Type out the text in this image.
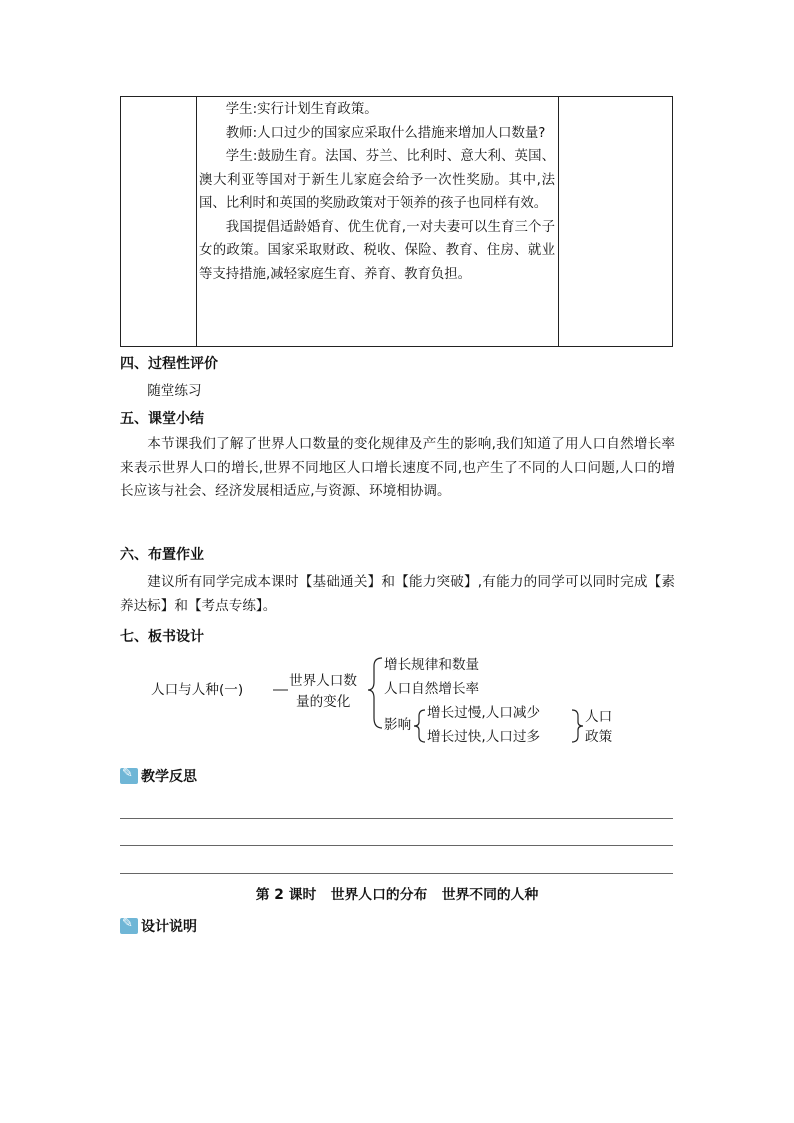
学生:实行计划生育政策。

教师:人口过少的国家应采取什么措施来增加人口数量?

学生:鼓励生育。法国、芬兰、比利时、意大利、英国、澳大利亚等国对于新生儿家庭会给予一次性奖励。其中,法国、比利时和英国的奖励政策对于领养的孩子也同样有效。

我国提倡适龄婚育、优生优育,一对夫妻可以生育三个子女的政策。国家采取财政、税收、保险、教育、住房、就业等支持措施,减轻家庭生育、养育、教育负担。

四、过程性评价

随堂练习

五、课堂小结

本节课我们了解了世界人口数量的变化规律及产生的影响,我们知道了用人口自然增长率来表示世界人口的增长,世界不同地区人口增长速度不同,也产生了不同的人口问题,人口的增长应该与社会、经济发展相适应,与资源、环境相协调。

六、布置作业

建议所有同学完成本课时【基础通关】和【能力突破】,有能力的同学可以同时完成【素养达标】和【考点专练】。

七、板书设计

人口与人种(一)
世界人口数
量的变化
增长规律和数量
人口自然增长率
影响
增长过慢,人口减少
增长过快,人口过多
人口
政策
✎
教学反思
第 2 课时   世界人口的分布   世界不同的人种
✎
设计说明
